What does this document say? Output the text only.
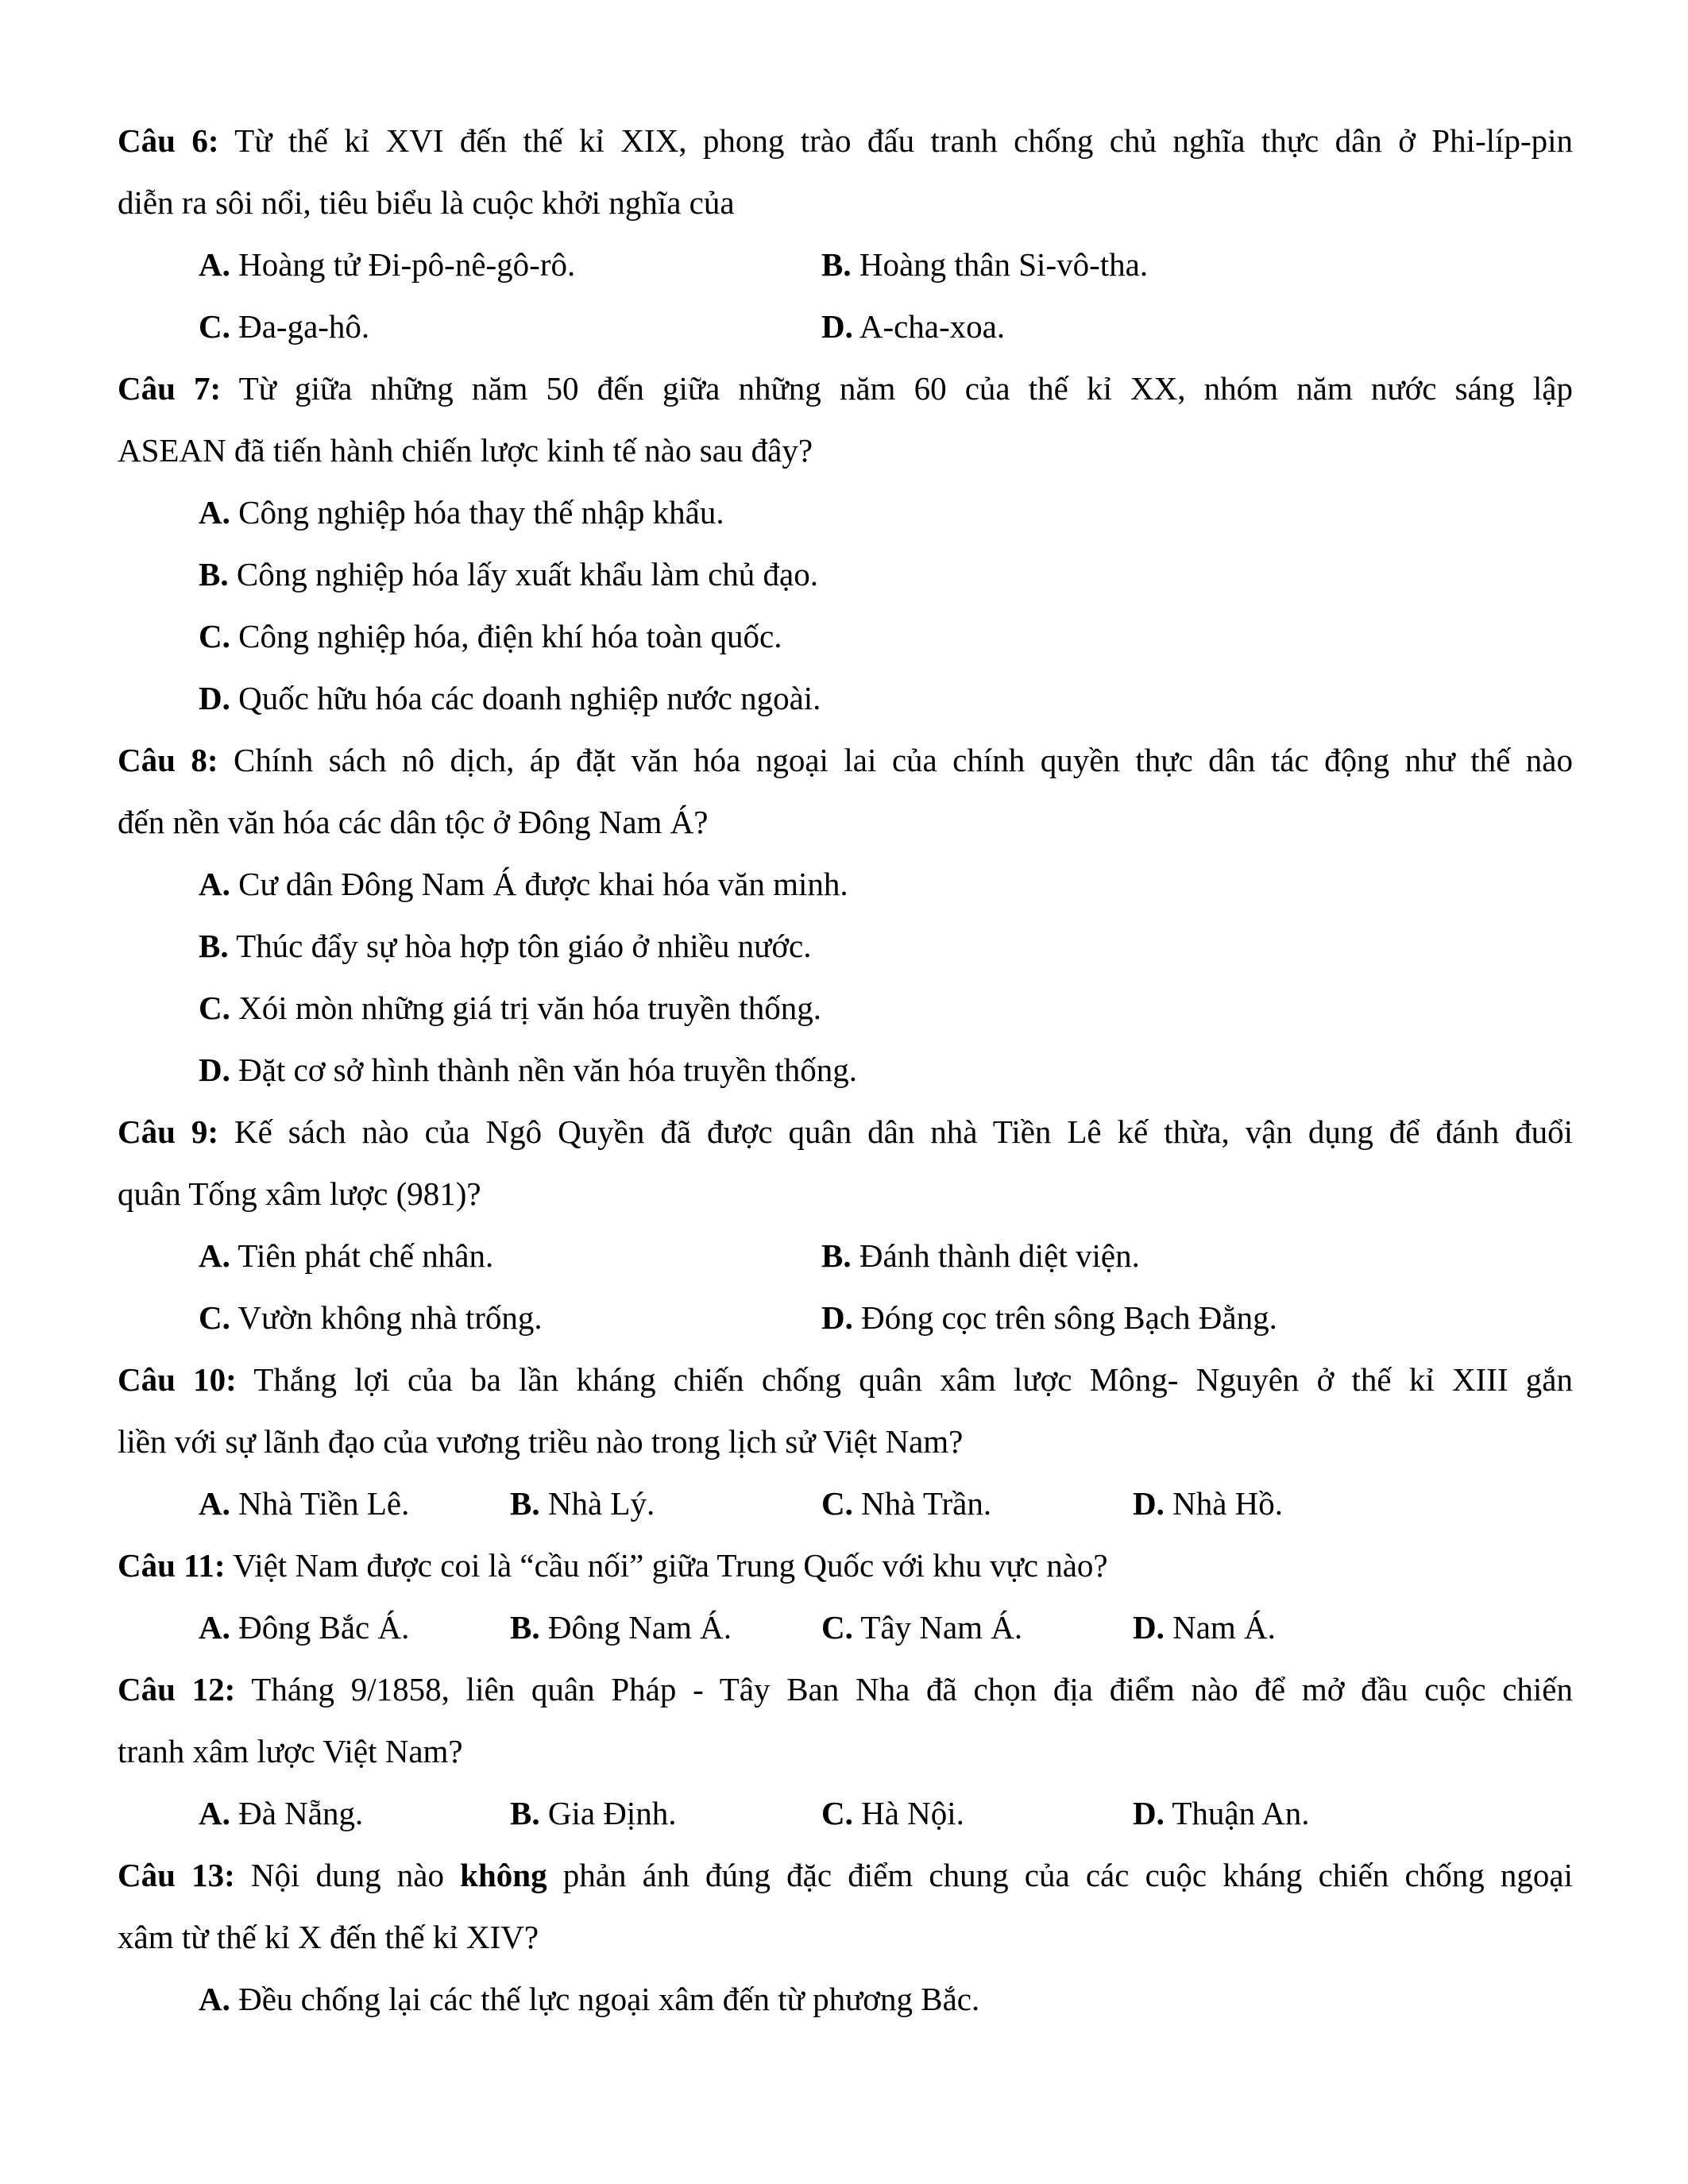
Câu 6: Từ thế kỉ XVI đến thế kỉ XIX, phong trào đấu tranh chống chủ nghĩa thực dân ở Phi-líp-pin
diễn ra sôi nổi, tiêu biểu là cuộc khởi nghĩa của
A. Hoàng tử Đi-pô-nê-gô-rô.	B. Hoàng thân Si-vô-tha.
C. Đa-ga-hô.	D. A-cha-xoa.
Câu 7: Từ giữa những năm 50 đến giữa những năm 60 của thế kỉ XX, nhóm năm nước sáng lập
ASEAN đã tiến hành chiến lược kinh tế nào sau đây?
A. Công nghiệp hóa thay thế nhập khẩu.
B. Công nghiệp hóa lấy xuất khẩu làm chủ đạo.
C. Công nghiệp hóa, điện khí hóa toàn quốc.
D. Quốc hữu hóa các doanh nghiệp nước ngoài.
Câu 8: Chính sách nô dịch, áp đặt văn hóa ngoại lai của chính quyền thực dân tác động như thế nào
đến nền văn hóa các dân tộc ở Đông Nam Á?
A. Cư dân Đông Nam Á được khai hóa văn minh.
B. Thúc đẩy sự hòa hợp tôn giáo ở nhiều nước.
C. Xói mòn những giá trị văn hóa truyền thống.
D. Đặt cơ sở hình thành nền văn hóa truyền thống.
Câu 9: Kế sách nào của Ngô Quyền đã được quân dân nhà Tiền Lê kế thừa, vận dụng để đánh đuổi
quân Tống xâm lược (981)?
A. Tiên phát chế nhân.	B. Đánh thành diệt viện.
C. Vườn không nhà trống.	D. Đóng cọc trên sông Bạch Đằng.
Câu 10: Thắng lợi của ba lần kháng chiến chống quân xâm lược Mông- Nguyên ở thế kỉ XIII gắn
liền với sự lãnh đạo của vương triều nào trong lịch sử Việt Nam?
A. Nhà Tiền Lê.	B. Nhà Lý.	C. Nhà Trần.	D. Nhà Hồ.
Câu 11: Việt Nam được coi là “cầu nối” giữa Trung Quốc với khu vực nào?
A. Đông Bắc Á.	B. Đông Nam Á.	C. Tây Nam Á.	D. Nam Á.
Câu 12: Tháng 9/1858, liên quân Pháp - Tây Ban Nha đã chọn địa điểm nào để mở đầu cuộc chiến
tranh xâm lược Việt Nam?
A. Đà Nẵng.	B. Gia Định.	C. Hà Nội.	D. Thuận An.
Câu 13: Nội dung nào không phản ánh đúng đặc điểm chung của các cuộc kháng chiến chống ngoại
xâm từ thế kỉ X đến thế kỉ XIV?
A. Đều chống lại các thế lực ngoại xâm đến từ phương Bắc.
